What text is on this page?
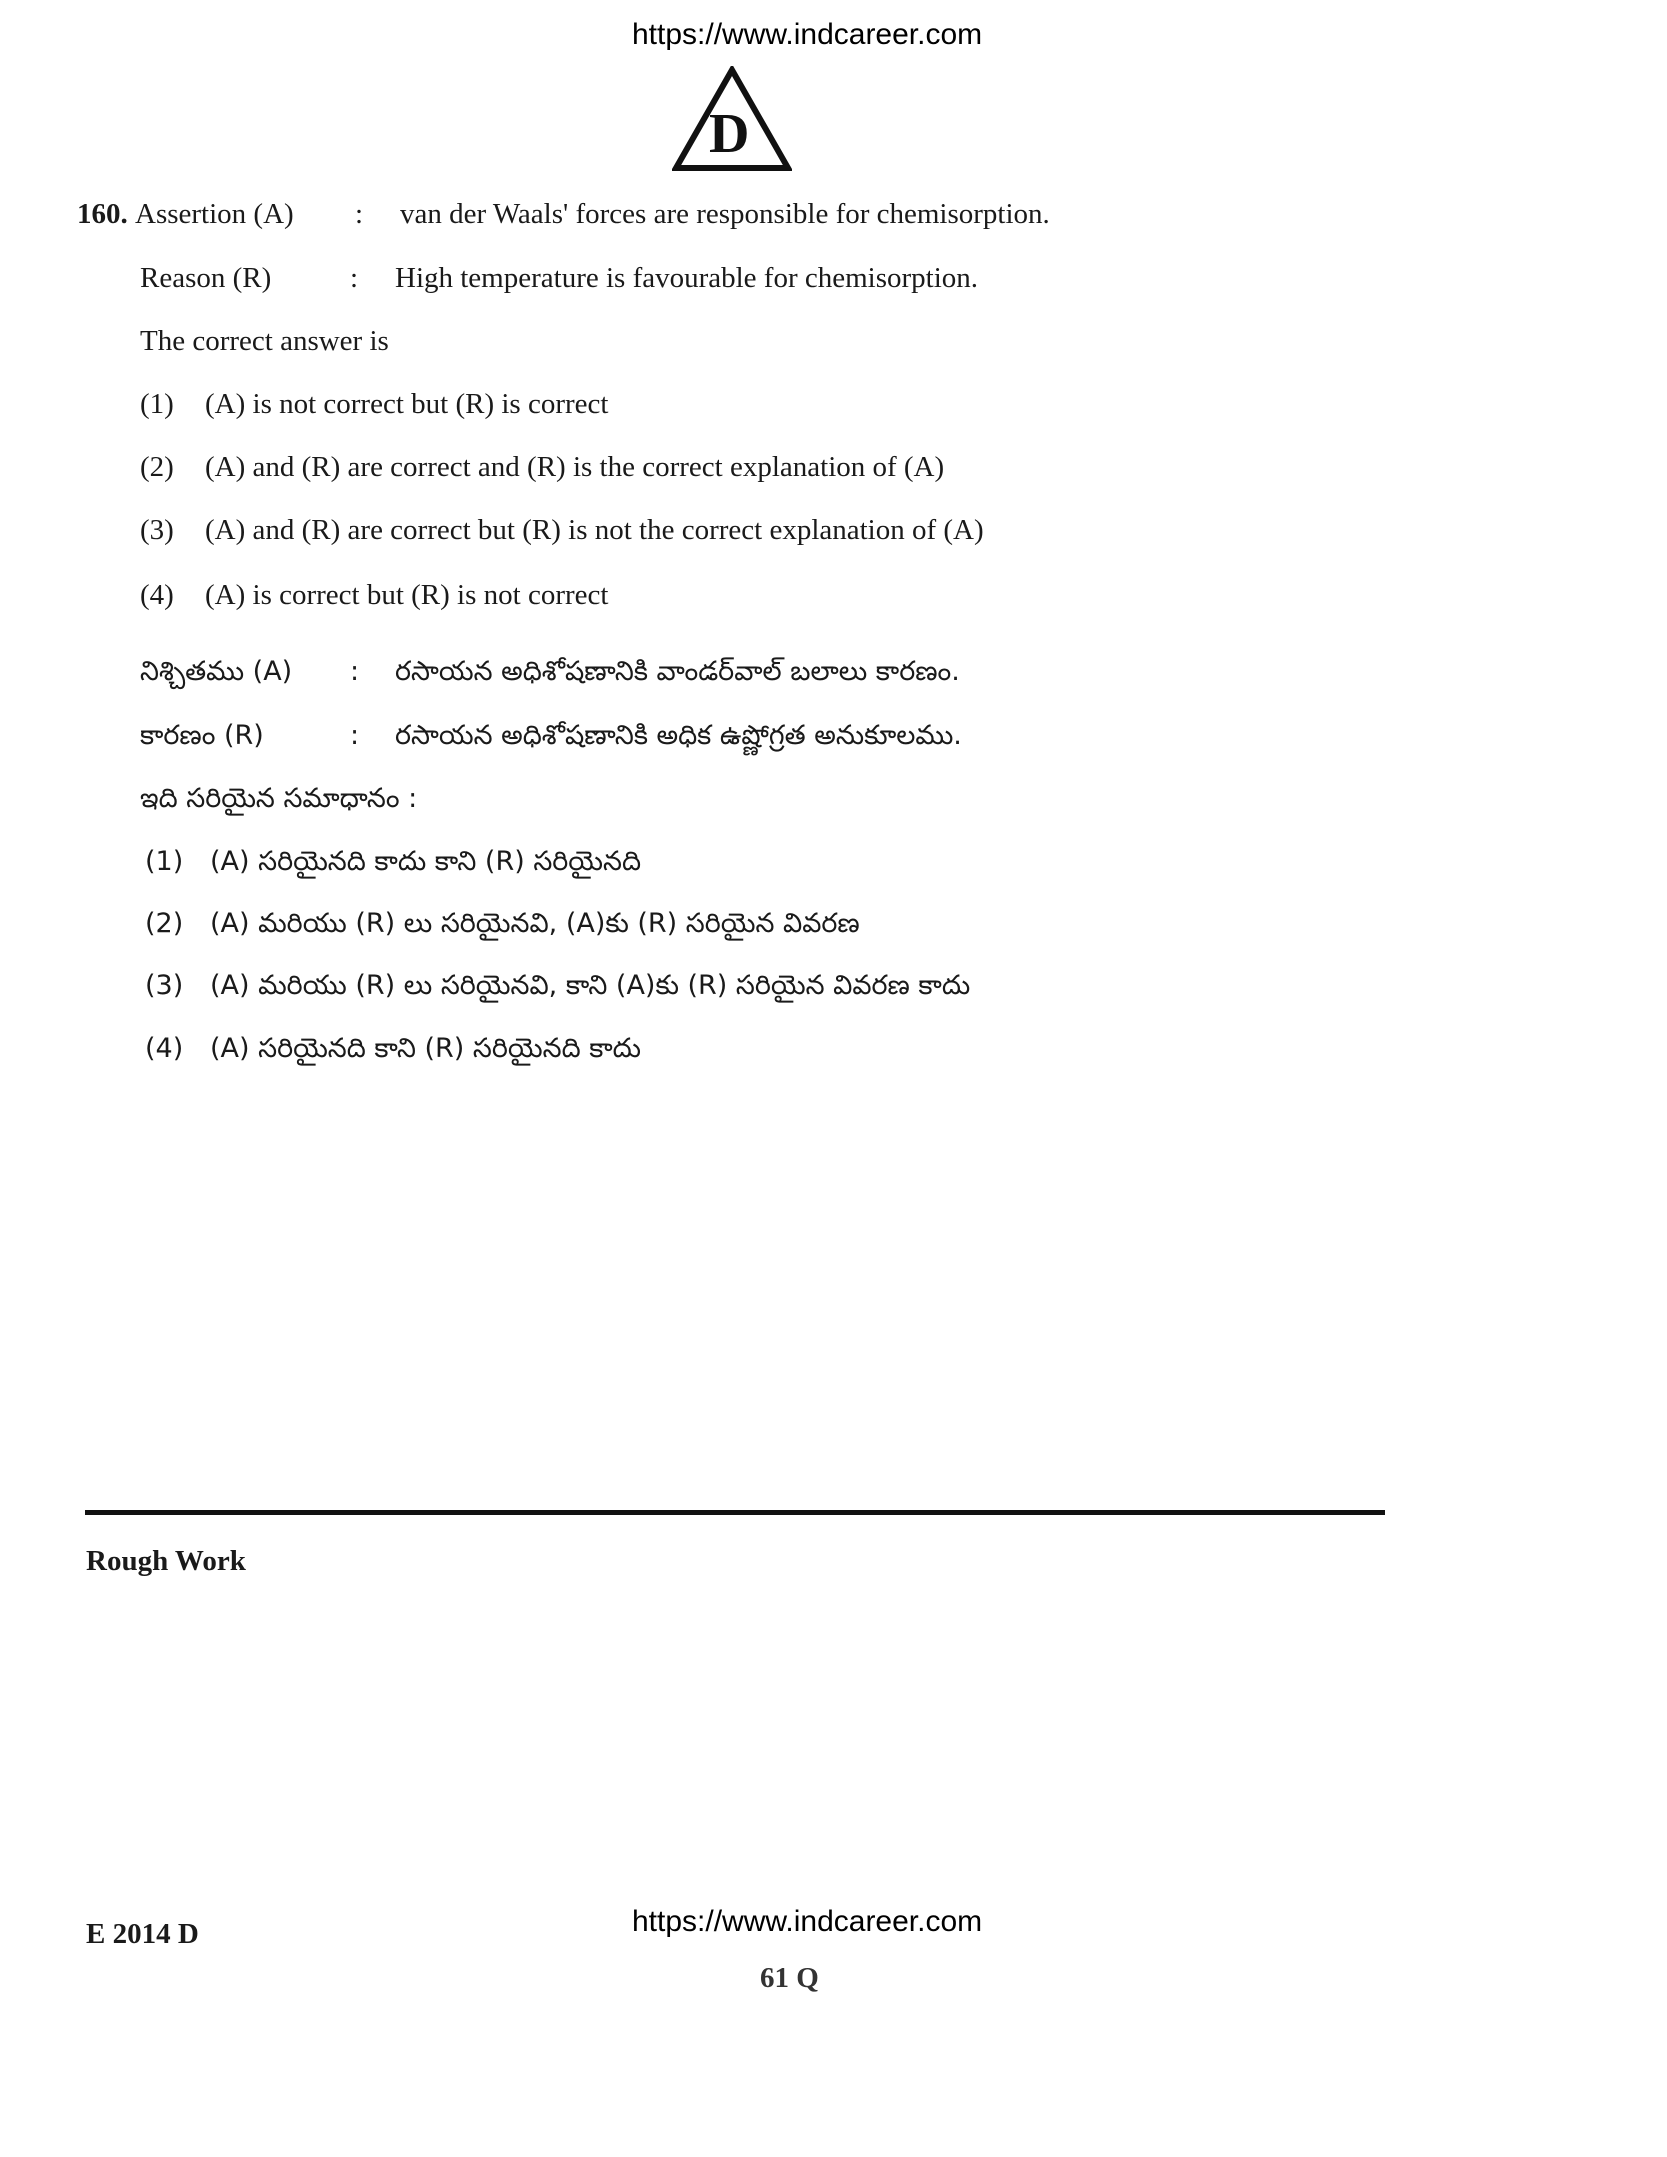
https://www.indcareer.com
D
160. Assertion (A) : van der Waals' forces are responsible for chemisorption.
Reason (R)	: High temperature is favourable for chemisorption.
The correct answer is
(1) (A) is not correct but (R) is correct
(2) (A) and (R) are correct and (R) is the correct explanation of (A)
(3) (A) and (R) are correct but (R) is not the correct explanation of (A)
(4) (A) is correct but (R) is not correct
నిశ్చితము (A) : రసాయన అధిశోషణానికి వాండర్‌వాల్ బలాలు కారణం.
కారణం (R)	: రసాయన అధిశోషణానికి అధిక ఉష్ణోగ్రత అనుకూలము.
ఇది సరియైన సమాధానం :
(1) (A) సరియైనది కాదు కాని (R) సరియైనది
(2) (A) మరియు (R) లు సరియైనవి, (A)కు (R) సరియైన వివరణ
(3) (A) మరియు (R) లు సరియైనవి, కాని (A)కు (R) సరియైన వివరణ కాదు
(4) (A) సరియైనది కాని (R) సరియైనది కాదు
Rough Work
E 2014 D	https://www.indcareer.com
61 Q
